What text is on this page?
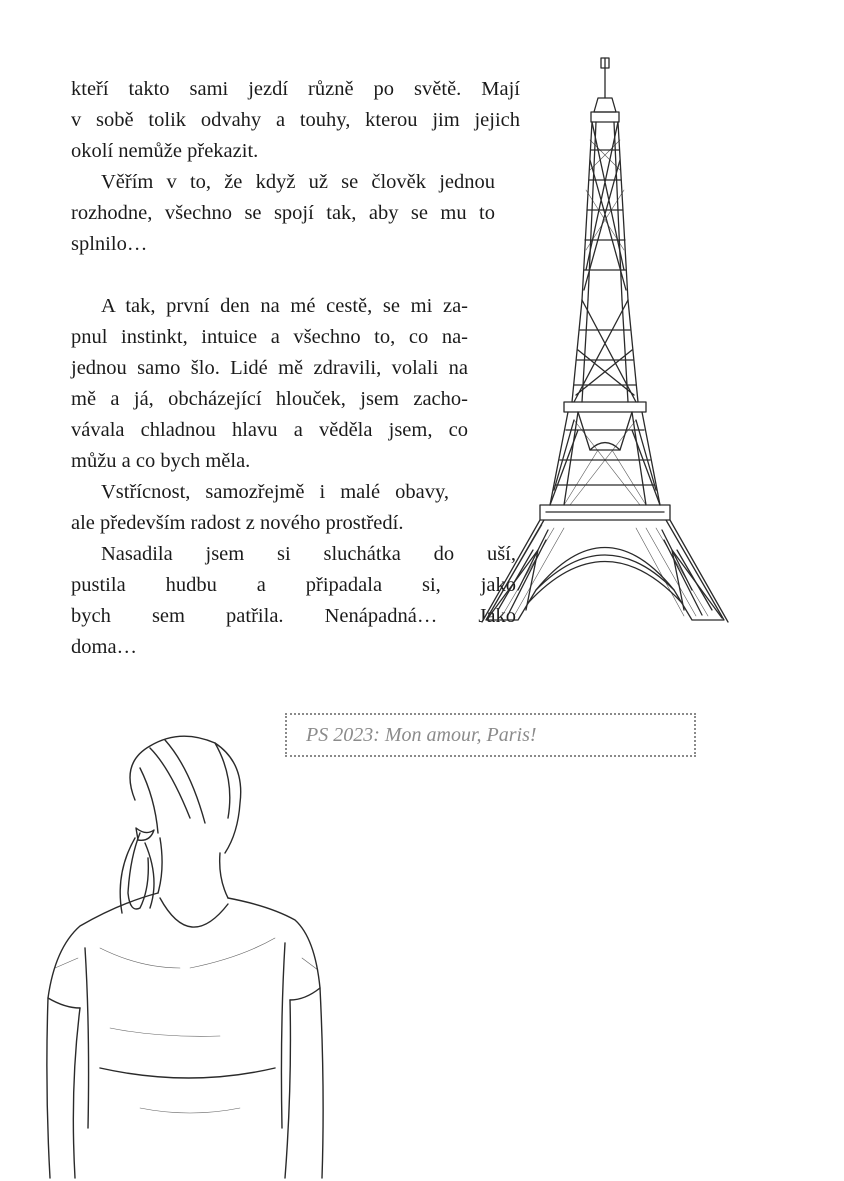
kteří takto sami jezdí různě po světě. Mají
v sobě tolik odvahy a touhy, kterou jim jejich
okolí nemůže překazit.
Věřím v to, že když už se člověk jednou
rozhodne, všechno se spojí tak, aby se mu to
splnilo…
A tak, první den na mé cestě, se mi za-
pnul instinkt, intuice a všechno to, co na-
jednou samo šlo. Lidé mě zdravili, volali na
mě a já, obcházející hlouček, jsem zacho-
vávala chladnou hlavu a věděla jsem, co
můžu a co bych měla.
Vstřícnost, samozřejmě i malé obavy,
ale především radost z nového prostředí.
Nasadila jsem si sluchátka do uší,
pustila hudbu a připadala si, jako
bych sem patřila. Nenápadná… Jako
doma…
PS 2023: Mon amour, Paris!
